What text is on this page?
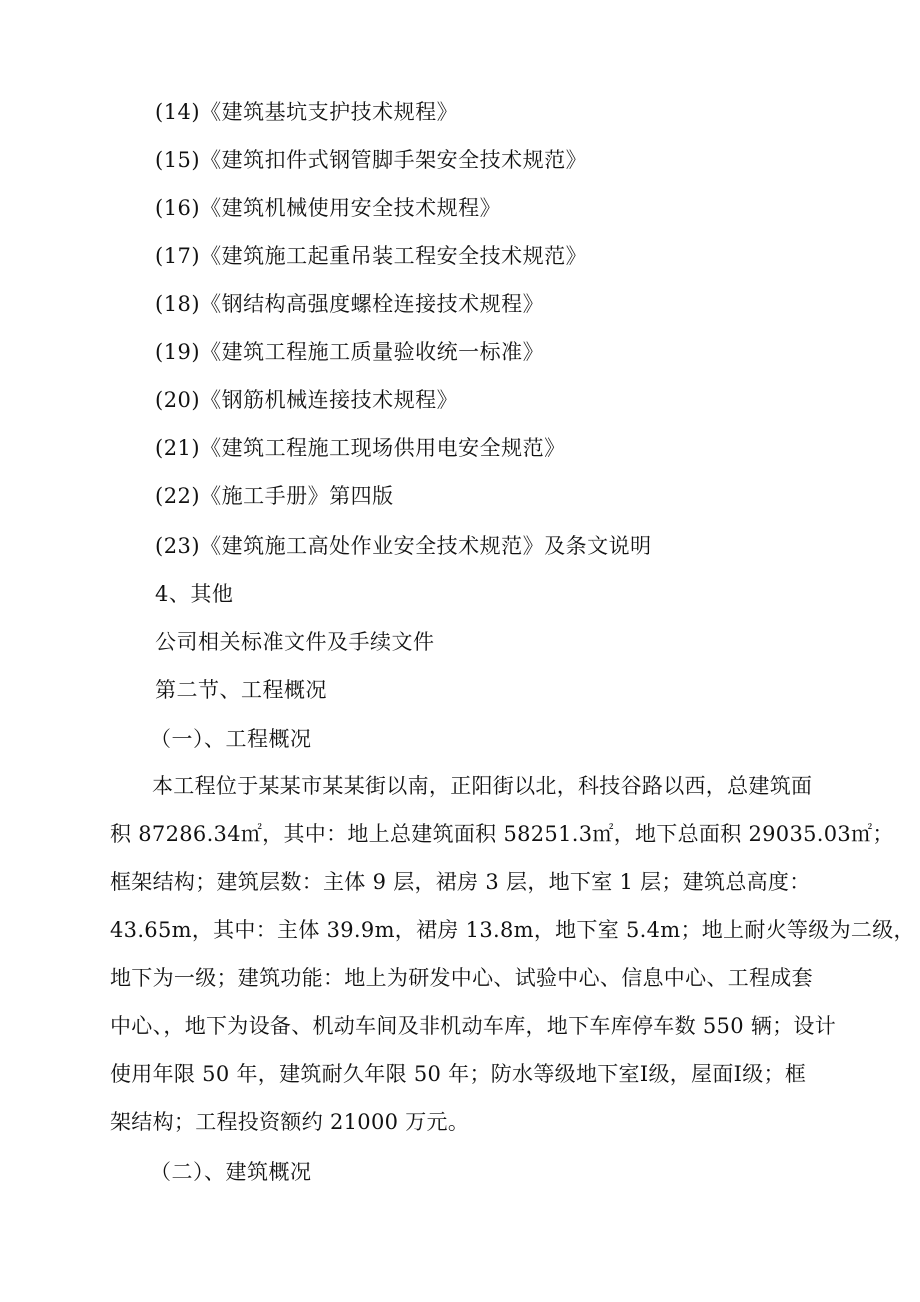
(14)《建筑基坑支护技术规程》
(15)《建筑扣件式钢管脚手架安全技术规范》
(16)《建筑机械使用安全技术规程》
(17)《建筑施工起重吊装工程安全技术规范》
(18)《钢结构高强度螺栓连接技术规程》
(19)《建筑工程施工质量验收统一标准》
(20)《钢筋机械连接技术规程》
(21)《建筑工程施工现场供用电安全规范》
(22)《施工手册》第四版
(23)《建筑施工高处作业安全技术规范》及条文说明
4、其他
公司相关标准文件及手续文件
第二节、工程概况
（一）、工程概况
本工程位于某某市某某街以南，正阳街以北，科技谷路以西，总建筑面
积 87286.34㎡，其中：地上总建筑面积 58251.3㎡，地下总面积 29035.03㎡；
框架结构；建筑层数：主体 9 层，裙房 3 层，地下室 1 层；建筑总高度：
43.65m，其中：主体 39.9m，裙房 13.8m，地下室 5.4m；地上耐火等级为二级，
地下为一级；建筑功能：地上为研发中心、试验中心、信息中心、工程成套
中心、，地下为设备、机动车间及非机动车库，地下车库停车数 550 辆；设计
使用年限 50 年，建筑耐久年限 50 年；防水等级地下室Ⅰ级，屋面Ⅰ级；框
架结构；工程投资额约 21000 万元。
（二）、建筑概况
